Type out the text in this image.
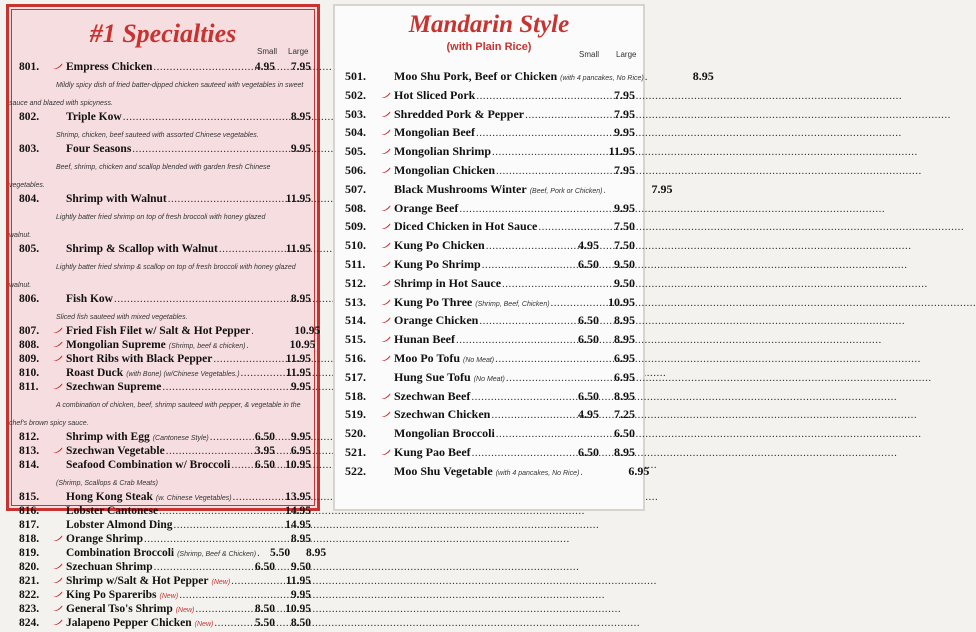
#1 Specialties
Small Large
801.	Empress Chicken .....	4.95	7.95
Mildly spicy dish of fried batter-dipped chicken sauteed with vegetables in sweet sauce and blazed with spicyness.
802.	Triple Kow .....	8.95
Shrimp, chicken, beef sauteed with assorted Chinese vegetables.
803.	Four Seasons .....	9.95
Beef, shrimp, chicken and scallop blended with garden fresh Chinese vegetables.
804.	Shrimp with Walnut .....	11.95
Lightly batter fried shrimp on top of fresh broccoli with honey glazed walnut.
805.	Shrimp & Scallop with Walnut .....	11.95
Lightly batter fried shrimp & scallop on top of fresh broccoli with honey glazed walnut.
806.	Fish Kow .....	8.95
Sliced fish sauteed with mixed vegetables.
807.	Fried Fish Filet w/ Salt & Hot Pepper .....	10.95
808.	Mongolian Supreme (Shrimp, beef & chicken) .....	10.95
809.	Short Ribs with Black Pepper .....	11.95
810.	Roast Duck (with Bone) (w/Chinese Vegetables.) .....	11.95
811.	Szechwan Supreme .....	9.95
A combination of chicken, beef, shrimp sauteed with pepper, & vegetable in the chef's brown spicy sauce.
812.	Shrimp with Egg (Cantonese Style) .....	6.50	9.95
813.	Szechwan Vegetable .....	3.95	6.95
814.	Seafood Combination w/ Broccoli .....	6.50 10.95
(Shrimp, Scallops & Crab Meats)
815.	Hong Kong Steak (w. Chinese Vegetables) .....	13.95
816.	Lobster Cantonese .....	14.95
817.	Lobster Almond Ding .....	14.95
818.	Orange Shrimp .....	8.95
819.	Combination Broccoli (Shrimp, Beef & Chicken) .....	5.50	8.95
820.	Szechuan Shrimp .....	6.50	9.50
821.	Shrimp w/Salt & Hot Pepper (New) .....	11.95
822.	King Po Spareribs (New) .....	9.95
823.	General Tso's Shrimp (New) .....	8.50 10.95
824.	Jalapeno Pepper Chicken (New) .....	5.50	8.50
Mandarin Style
(with Plain Rice)
Small Large
501.	Moo Shu Pork, Beef or Chicken (with 4 pancakes, No Rice) .....	8.95
502.	Hot Sliced Pork .....	7.95
503.	Shredded Pork & Pepper .....	7.95
504.	Mongolian Beef .....	9.95
505.	Mongolian Shrimp .....	11.95
506.	Mongolian Chicken .....	7.95
507.	Black Mushrooms Winter (Beef, Pork or Chicken) .....	7.95
508.	Orange Beef .....	9.95
509.	Diced Chicken in Hot Sauce .....	7.50
510.	Kung Po Chicken .....	4.95	7.50
511.	Kung Po Shrimp .....	6.50	9.50
512.	Shrimp in Hot Sauce .....	9.50
513.	Kung Po Three (Shrimp, Beef, Chicken) .....	10.95
514.	Orange Chicken .....	6.50	8.95
515.	Hunan Beef .....	6.50	8.95
516.	Moo Po Tofu (No Meat) .....	6.95
517.	Hung Sue Tofu (No Meat) .....	6.95
518.	Szechwan Beef .....	6.50	8.95
519.	Szechwan Chicken .....	4.95	7.25
520.	Mongolian Broccoli .....	6.50
521.	Kung Pao Beef .....	6.50	8.95
522.	Moo Shu Vegetable (with 4 pancakes, No Rice) .....	6.95
